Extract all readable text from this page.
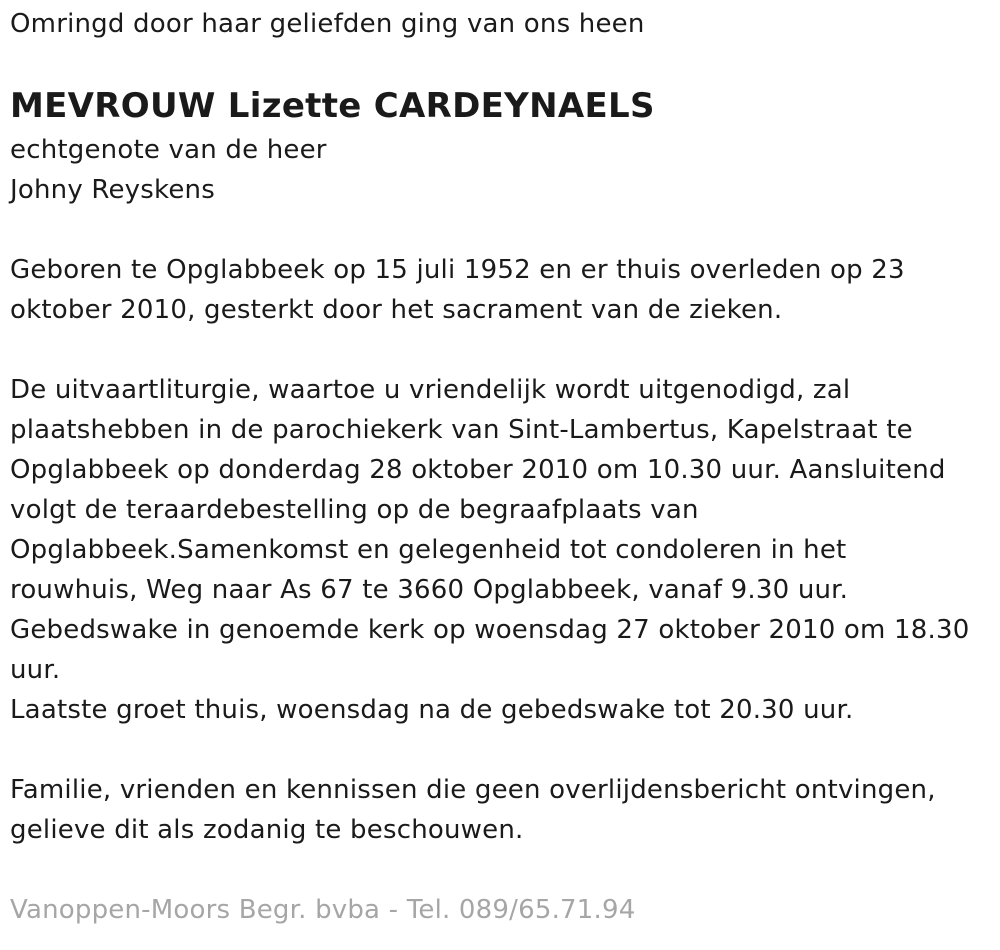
Omringd door haar geliefden ging van ons heen
MEVROUW Lizette CARDEYNAELS
echtgenote van de heer
Johny Reyskens
Geboren te Opglabbeek op 15 juli 1952 en er thuis overleden op 23
oktober 2010, gesterkt door het sacrament van de zieken.
De uitvaartliturgie, waartoe u vriendelijk wordt uitgenodigd, zal
plaatshebben in de parochiekerk van Sint-Lambertus, Kapelstraat te
Opglabbeek op donderdag 28 oktober 2010 om 10.30 uur. Aansluitend
volgt de teraardebestelling op de begraafplaats van
Opglabbeek.Samenkomst en gelegenheid tot condoleren in het
rouwhuis, Weg naar As 67 te 3660 Opglabbeek, vanaf 9.30 uur.
Gebedswake in genoemde kerk op woensdag 27 oktober 2010 om 18.30
uur.
Laatste groet thuis, woensdag na de gebedswake tot 20.30 uur.
Familie, vrienden en kennissen die geen overlijdensbericht ontvingen,
gelieve dit als zodanig te beschouwen.
Vanoppen-Moors Begr. bvba - Tel. 089/65.71.94
